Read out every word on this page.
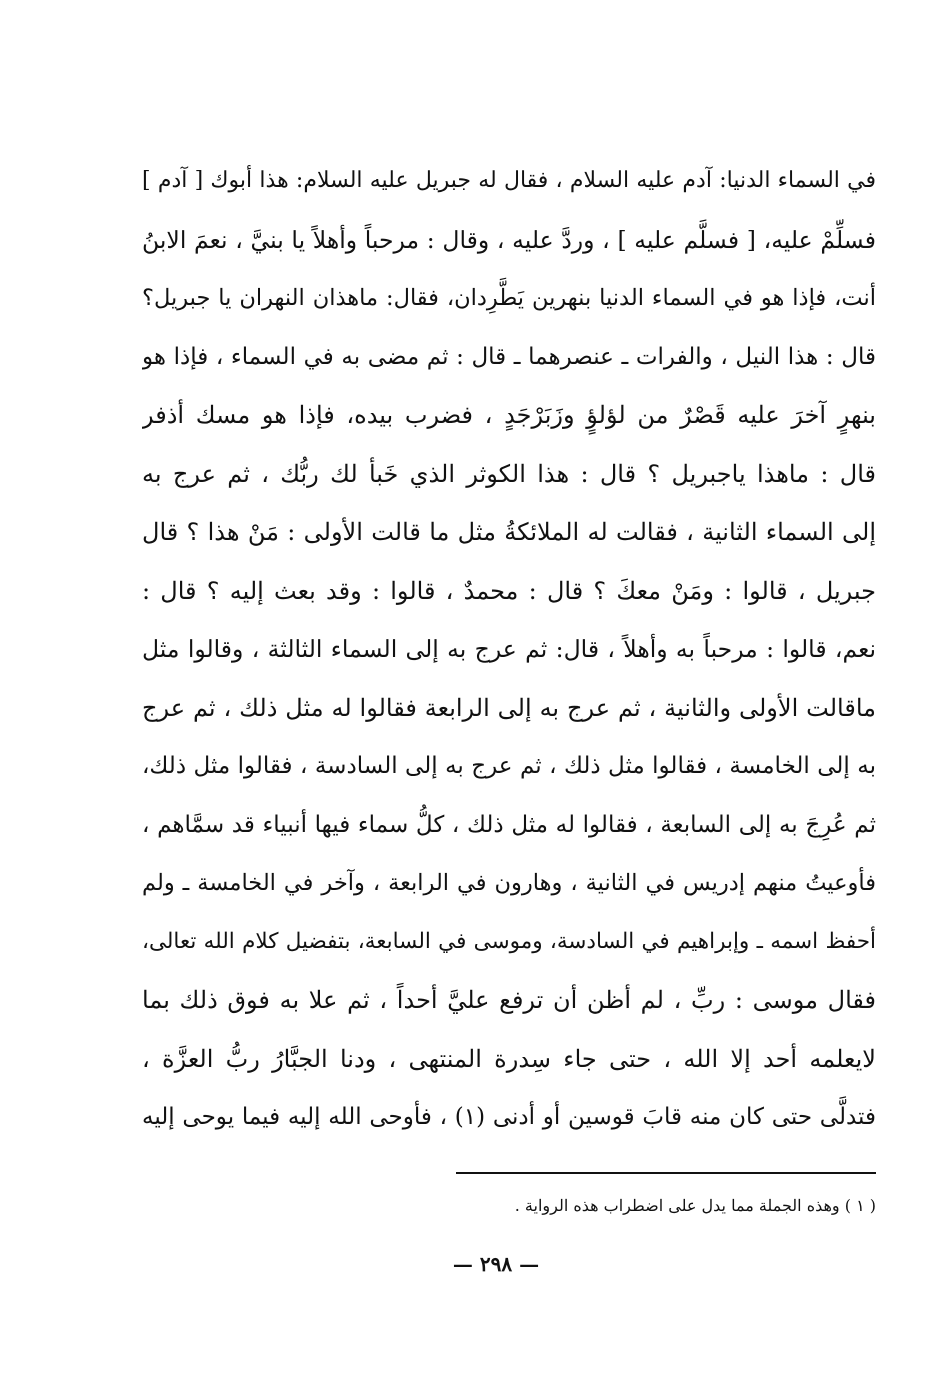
في السماء الدنيا: آدم عليه السلام ، فقال له جبريل عليه السلام: هذا أبوك [ آدم ]
فسلِّمْ عليه، [ فسلَّم عليه ] ، وردَّ عليه ، وقال : مرحباً وأهلاً يا بنيَّ ، نعمَ الابنُ
أنت، فإذا هو في السماء الدنيا بنهرين يَطَّرِدان، فقال: ماهذان النهران يا جبريل؟
قال : هذا النيل ، والفرات ـ عنصرهما ـ قال : ثم مضى به في السماء ، فإذا هو
بنهرٍ آخرَ عليه قَصْرٌ من لؤلؤٍ وزَبَرْجَدٍ ، فضرب بيده، فإذا هو مسك أذفر
قال : ماهذا ياجبريل ؟ قال : هذا الكوثر الذي خَبأ لك ربُّك ، ثم عرج به
إلى السماء الثانية ، فقالت له الملائكةُ مثل ما قالت الأولى : مَنْ هذا ؟ قال
جبريل ، قالوا : ومَنْ معكَ ؟ قال : محمدٌ ، قالوا : وقد بعث إليه ؟ قال :
نعم، قالوا : مرحباً به وأهلاً ، قال: ثم عرج به إلى السماء الثالثة ، وقالوا مثل
ماقالت الأولى والثانية ، ثم عرج به إلى الرابعة فقالوا له مثل ذلك ، ثم عرج
به إلى الخامسة ، فقالوا مثل ذلك ، ثم عرج به إلى السادسة ، فقالوا مثل ذلك،
ثم عُرِجَ به إلى السابعة ، فقالوا له مثل ذلك ، كلُّ سماء فيها أنبياء قد سمَّاهم ،
فأوعيتُ منهم إدريس في الثانية ، وهارون في الرابعة ، وآخر في الخامسة ـ ولم
أحفظ اسمه ـ وإبراهيم في السادسة، وموسى في السابعة، بتفضيل كلام الله تعالى،
فقال موسى : ربِّ ، لم أظن أن ترفع عليَّ أحداً ، ثم علا به فوق ذلك بما
لايعلمه أحد إلا الله ، حتى جاء سِدرة المنتهى ، ودنا الجبَّارُ ربُّ العزَّة ،
فتدلَّى حتى كان منه قابَ قوسين أو أدنى (١) ، فأوحى الله إليه فيما يوحى إليه
( ١ ) وهذه الجملة مما يدل على اضطراب هذه الرواية .
— ٢٩٨ —
